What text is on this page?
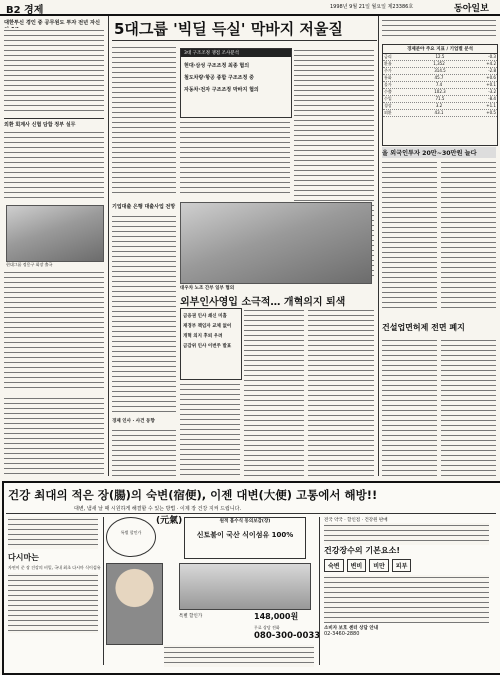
B2 경제	1998년 9월 21일 월요일 제23386호	동아일보
대한투신 경인 중 공무원도 투자 전년 자신
외환 회계사 신협 담합 정부 실무
현대그룹 정몽구 회장 출국
5대그룹 '빅딜 득실' 막바지 저울질
3대 구조조정 쟁점 조사분석
현대·삼성 구조조정 최종 협의
철도차량·항공 종합 구조조정 중
자동차·전자 구조조정 막바지 협의
기업대출 은행 대출사업 전망
대우차 노조 간부 일부 협의
외부인사영입 소극적… 개혁의지 퇴색
금융권 인사 쇄신 미흡
재경부 책임자 교체 없어
개혁 의지 후퇴 우려
금감위 인사 이번주 발표
경제 인사 · 사건 동향
경제분야 주요 지표 / 기업별 분석
금리	12.5	-0.3
환율	1,352	+4.2
주가	314.5	-2.8
통화	45.7	+0.6
물가	7.4	+0.1
수출	102.3	-3.2
수입	71.5	-8.4
경상	3.2	+1.1
외환	43.1	+0.5
올 외국인투자 20만~30만원 늘다
건설업면허제 전면 폐지
건강 최대의 적은 장(腸)의 숙변(宿便), 이젠 대변(大便) 고통에서 해방!!
대변, 냄새 날 때 시원하게 해결할 수 있는 방법 · 이제 장 건강 지켜 드립니다.
다시마는
자연이 준 장 건강의 비밀, 국내 최초 다시마 식이섬유
특별 할인가
(元氣)	원적 흡수식 동의보감(장)
신토불이 국산 식이섬유 100%
특별 할인가	148,000원
무료 상담 전화
080-300-0033
전국 약국 · 할인점 · 건강원 판매
건강장수의 기본요소!
숙변	변비	비만	피부
소비자 보호 센터 상담 안내
02-3460-2880
